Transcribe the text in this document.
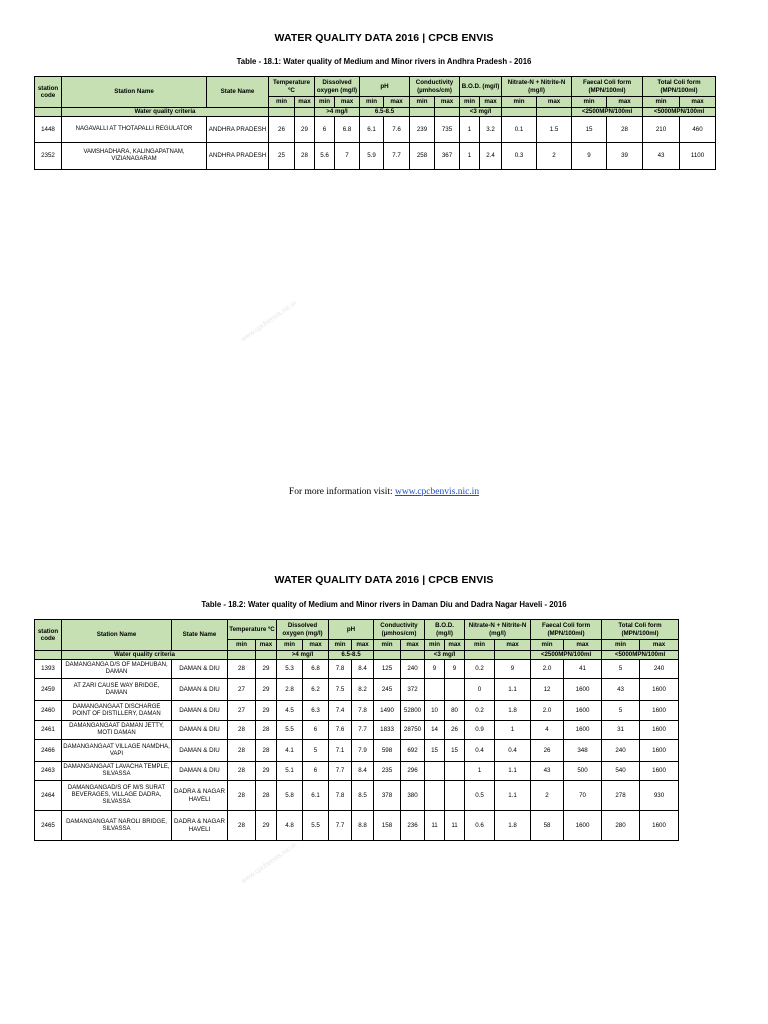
WATER QUALITY DATA 2016 | CPCB ENVIS
Table - 18.1: Water quality of Medium and Minor rivers in Andhra Pradesh - 2016
station code	Station Name	State Name	Temperature ºC		Dissolved oxygen (mg/l)		pH		Conductivity (µmhos/cm)		B.O.D. (mg/l)		Nitrate-N + Nitrite-N (mg/l)		Faecal Coli form (MPN/100ml)		Total Coli form (MPN/100ml)	
			min	max	min	max	min	max	min	max	min	max	min	max	min	max	min	max
	Water quality criteria				>4 mg/l		6.5-8.5				<3 mg/l				<2500MPN/100ml		<5000MPN/100ml	
1448	NAGAVALLI AT THOTAPALLI REGULATOR	ANDHRA PRADESH	26	29	6	6.8	6.1	7.6	239	735	1	3.2	0.1	1.5	15	28	210	460
2352	VAMSHADHARA, KALINGAPATNAM, VIZIANAGARAM	ANDHRA PRADESH	25	28	5.6	7	5.9	7.7	258	367	1	2.4	0.3	2	9	39	43	1100
www.cpcbenvis.nic.in
For more information visit: www.cpcbenvis.nic.in
WATER QUALITY DATA 2016 | CPCB ENVIS
Table - 18.2: Water quality of Medium and Minor rivers in Daman Diu and Dadra Nagar Haveli - 2016
station code	Station Name	State Name	Temperature ºC		Dissolved oxygen (mg/l)		pH		Conductivity (µmhos/cm)		B.O.D. (mg/l)		Nitrate-N + Nitrite-N (mg/l)		Faecal Coli form (MPN/100ml)		Total Coli form (MPN/100ml)	
			min	max	min	max	min	max	min	max	min	max	min	max	min	max	min	max
	Water quality criteria				>4 mg/l		6.5-8.5				<3 mg/l				<2500MPN/100ml		<5000MPN/100ml	
1393	DAMANGANGA D/S OF MADHUBAN, DAMAN	DAMAN & DIU	28	29	5.3	6.8	7.8	8.4	125	240	9	9	0.2	9	2.0	41	5	240
2459	AT ZARI CAUSE WAY BRIDGE, DAMAN	DAMAN & DIU	27	29	2.8	6.2	7.5	8.2	245	372			0	1.1	12	1600	43	1600
2460	DAMANGANGAAT DISCHARGE POINT OF DISTILLERY, DAMAN	DAMAN & DIU	27	29	4.5	6.3	7.4	7.8	1490	52800	10	80	0.2	1.8	2.0	1600	5	1600
2461	DAMANGANGAAT DAMAN JETTY, MOTI DAMAN	DAMAN & DIU	28	28	5.5	6	7.6	7.7	1833	28750	14	26	0.9	1	4	1600	31	1600
2466	DAMANGANGAAT VILLAGE NAMDHA, VAPI	DAMAN & DIU	28	28	4.1	5	7.1	7.9	598	692	15	15	0.4	0.4	26	348	240	1600
2463	DAMANGANGAAT LAVACHA TEMPLE, SILVASSA	DAMAN & DIU	28	29	5.1	6	7.7	8.4	235	296			1	1.1	43	500	540	1600
2464	DAMANGANGAD/S OF M/S SURAT BEVERAGES, VILLAGE DADRA, SILVASSA	DADRA & NAGAR HAVELI	28	28	5.8	6.1	7.8	8.5	378	380			0.5	1.1	2	70	278	930
2465	DAMANGANGAAT NAROLI BRIDGE, SILVASSA	DADRA & NAGAR HAVELI	28	29	4.8	5.5	7.7	8.8	158	236	11	11	0.6	1.8	58	1600	280	1600
www.cpcbenvis.nic.in
